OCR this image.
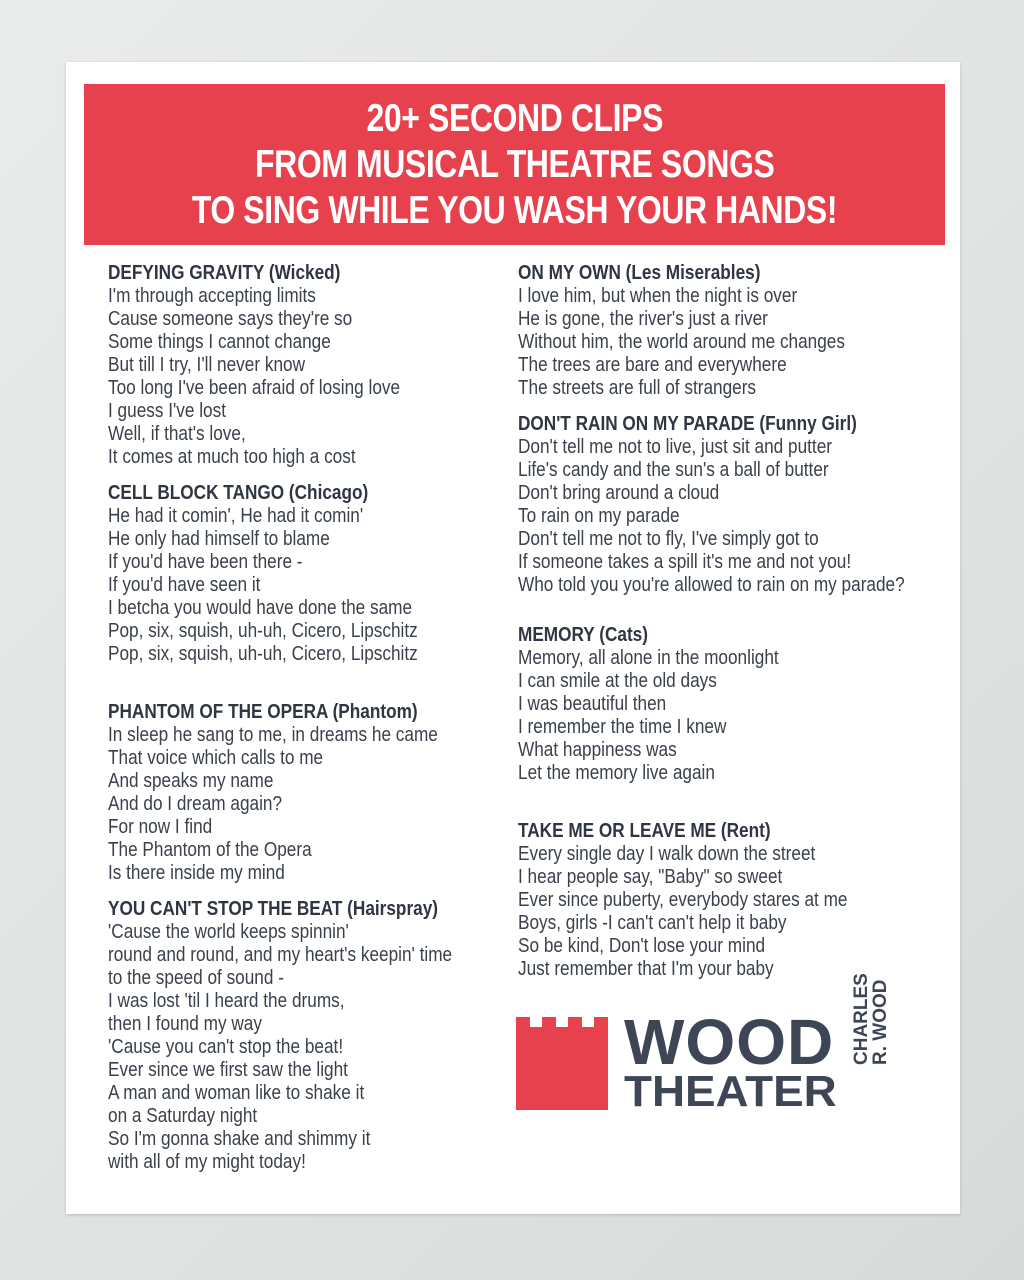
20+ SECOND CLIPS
FROM MUSICAL THEATRE SONGS
TO SING WHILE YOU WASH YOUR HANDS!
DEFYING GRAVITY (Wicked)
I'm through accepting limits
Cause someone says they're so
Some things I cannot change
But till I try, I'll never know
Too long I've been afraid of losing love
I guess I've lost
Well, if that's love,
It comes at much too high a cost
CELL BLOCK TANGO (Chicago)
He had it comin', He had it comin'
He only had himself to blame
If you'd have been there -
If you'd have seen it
I betcha you would have done the same
Pop, six, squish, uh-uh, Cicero, Lipschitz
Pop, six, squish, uh-uh, Cicero, Lipschitz
PHANTOM OF THE OPERA (Phantom)
In sleep he sang to me, in dreams he came
That voice which calls to me
And speaks my name
And do I dream again?
For now I find
The Phantom of the Opera
Is there inside my mind
YOU CAN'T STOP THE BEAT (Hairspray)
'Cause the world keeps spinnin'
round and round, and my heart's keepin' time
to the speed of sound -
I was lost 'til I heard the drums,
then I found my way
'Cause you can't stop the beat!
Ever since we first saw the light
A man and woman like to shake it
on a Saturday night
So I'm gonna shake and shimmy it
with all of my might today!
ON MY OWN (Les Miserables)
I love him, but when the night is over
He is gone, the river's just a river
Without him, the world around me changes
The trees are bare and everywhere
The streets are full of strangers
DON'T RAIN ON MY PARADE (Funny Girl)
Don't tell me not to live, just sit and putter
Life's candy and the sun's a ball of butter
Don't bring around a cloud
To rain on my parade
Don't tell me not to fly, I've simply got to
If someone takes a spill it's me and not you!
Who told you you're allowed to rain on my parade?
MEMORY (Cats)
Memory, all alone in the moonlight
I can smile at the old days
I was beautiful then
I remember the time I knew
What happiness was
Let the memory live again
TAKE ME OR LEAVE ME (Rent)
Every single day I walk down the street
I hear people say, "Baby" so sweet
Ever since puberty, everybody stares at me
Boys, girls -I can't can't help it baby
So be kind, Don't lose your mind
Just remember that I'm your baby
WOOD
THEATER
CHARLES
R. WOOD
